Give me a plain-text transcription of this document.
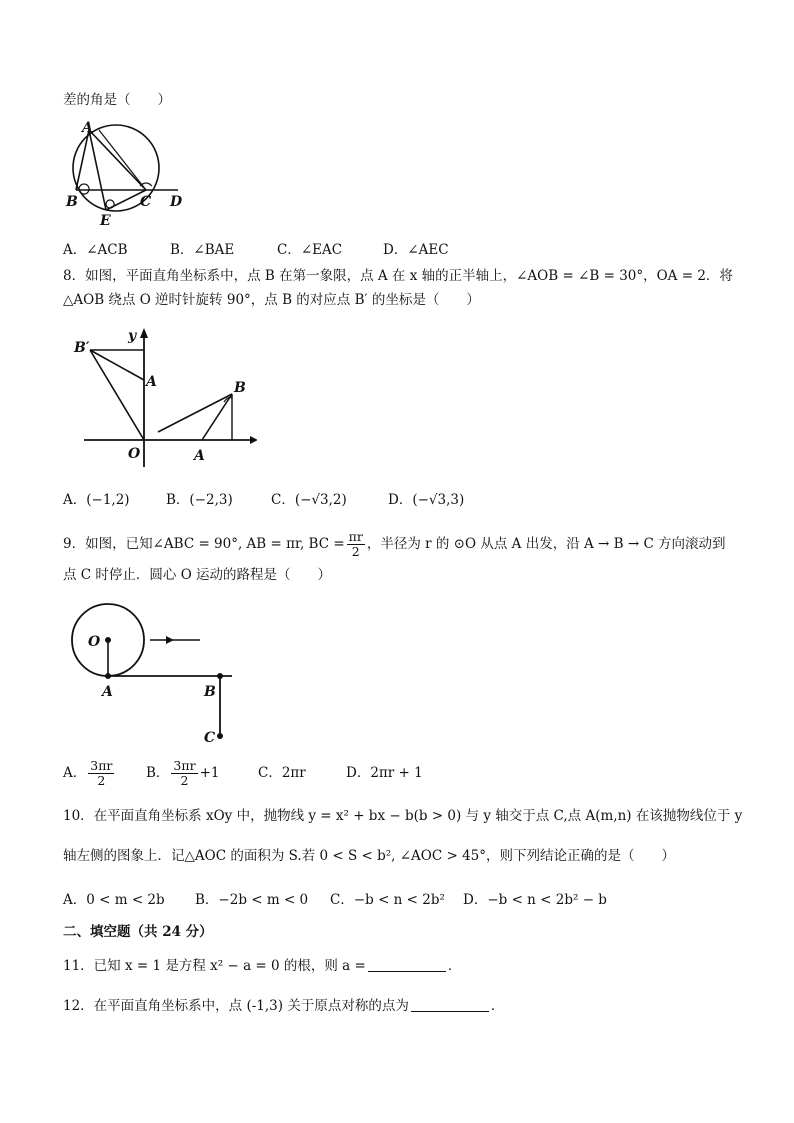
差的角是（　　）
A
B	C D
E
A．∠ACB	B．∠BAE	C．∠EAC	D．∠AEC
8．如图，平面直角坐标系中，点 B 在第一象限，点 A 在 x 轴的正半轴上，∠AOB = ∠B = 30°，OA = 2．将
△AOB 绕点 O 逆时针旋转 90°，点 B 的对应点 B′ 的坐标是（　　）
B′
y
A	B
O	A
A．(−1,2)	B．(−2,3)	C．(−√3,2)	D．(−√3,3)
9．如图，已知∠ABC = 90°, AB = πr, BC = $\frac{\pi r}{2}$ ，半径为 r 的 ⊙O 从点 A 出发，沿 A → B → C 方向滚动到
点 C 时停止．圆心 O 运动的路程是（　　）
O
A	B
C
A． $\frac{3\pi r}{2}$ B． $\frac{3\pi r}{2} +1$	C．2πr	D．2πr + 1
10．在平面直角坐标系 xOy 中，抛物线 y = x² + bx − b(b > 0) 与 y 轴交于点 C,点 A(m,n) 在该抛物线位于 y
轴左侧的图象上．记△AOC 的面积为 S.若 0 < S < b², ∠AOC > 45°，则下列结论正确的是（　　）
A．0 < m < 2b B．−2b < m < 0 C．−b < n < 2b² D．−b < n < 2b² − b
二、填空题（共 24 分）
11．已知 x = 1 是方程 x² − a = 0 的根，则 a =	．
12．在平面直角坐标系中，点 (-1,3) 关于原点对称的点为	．
